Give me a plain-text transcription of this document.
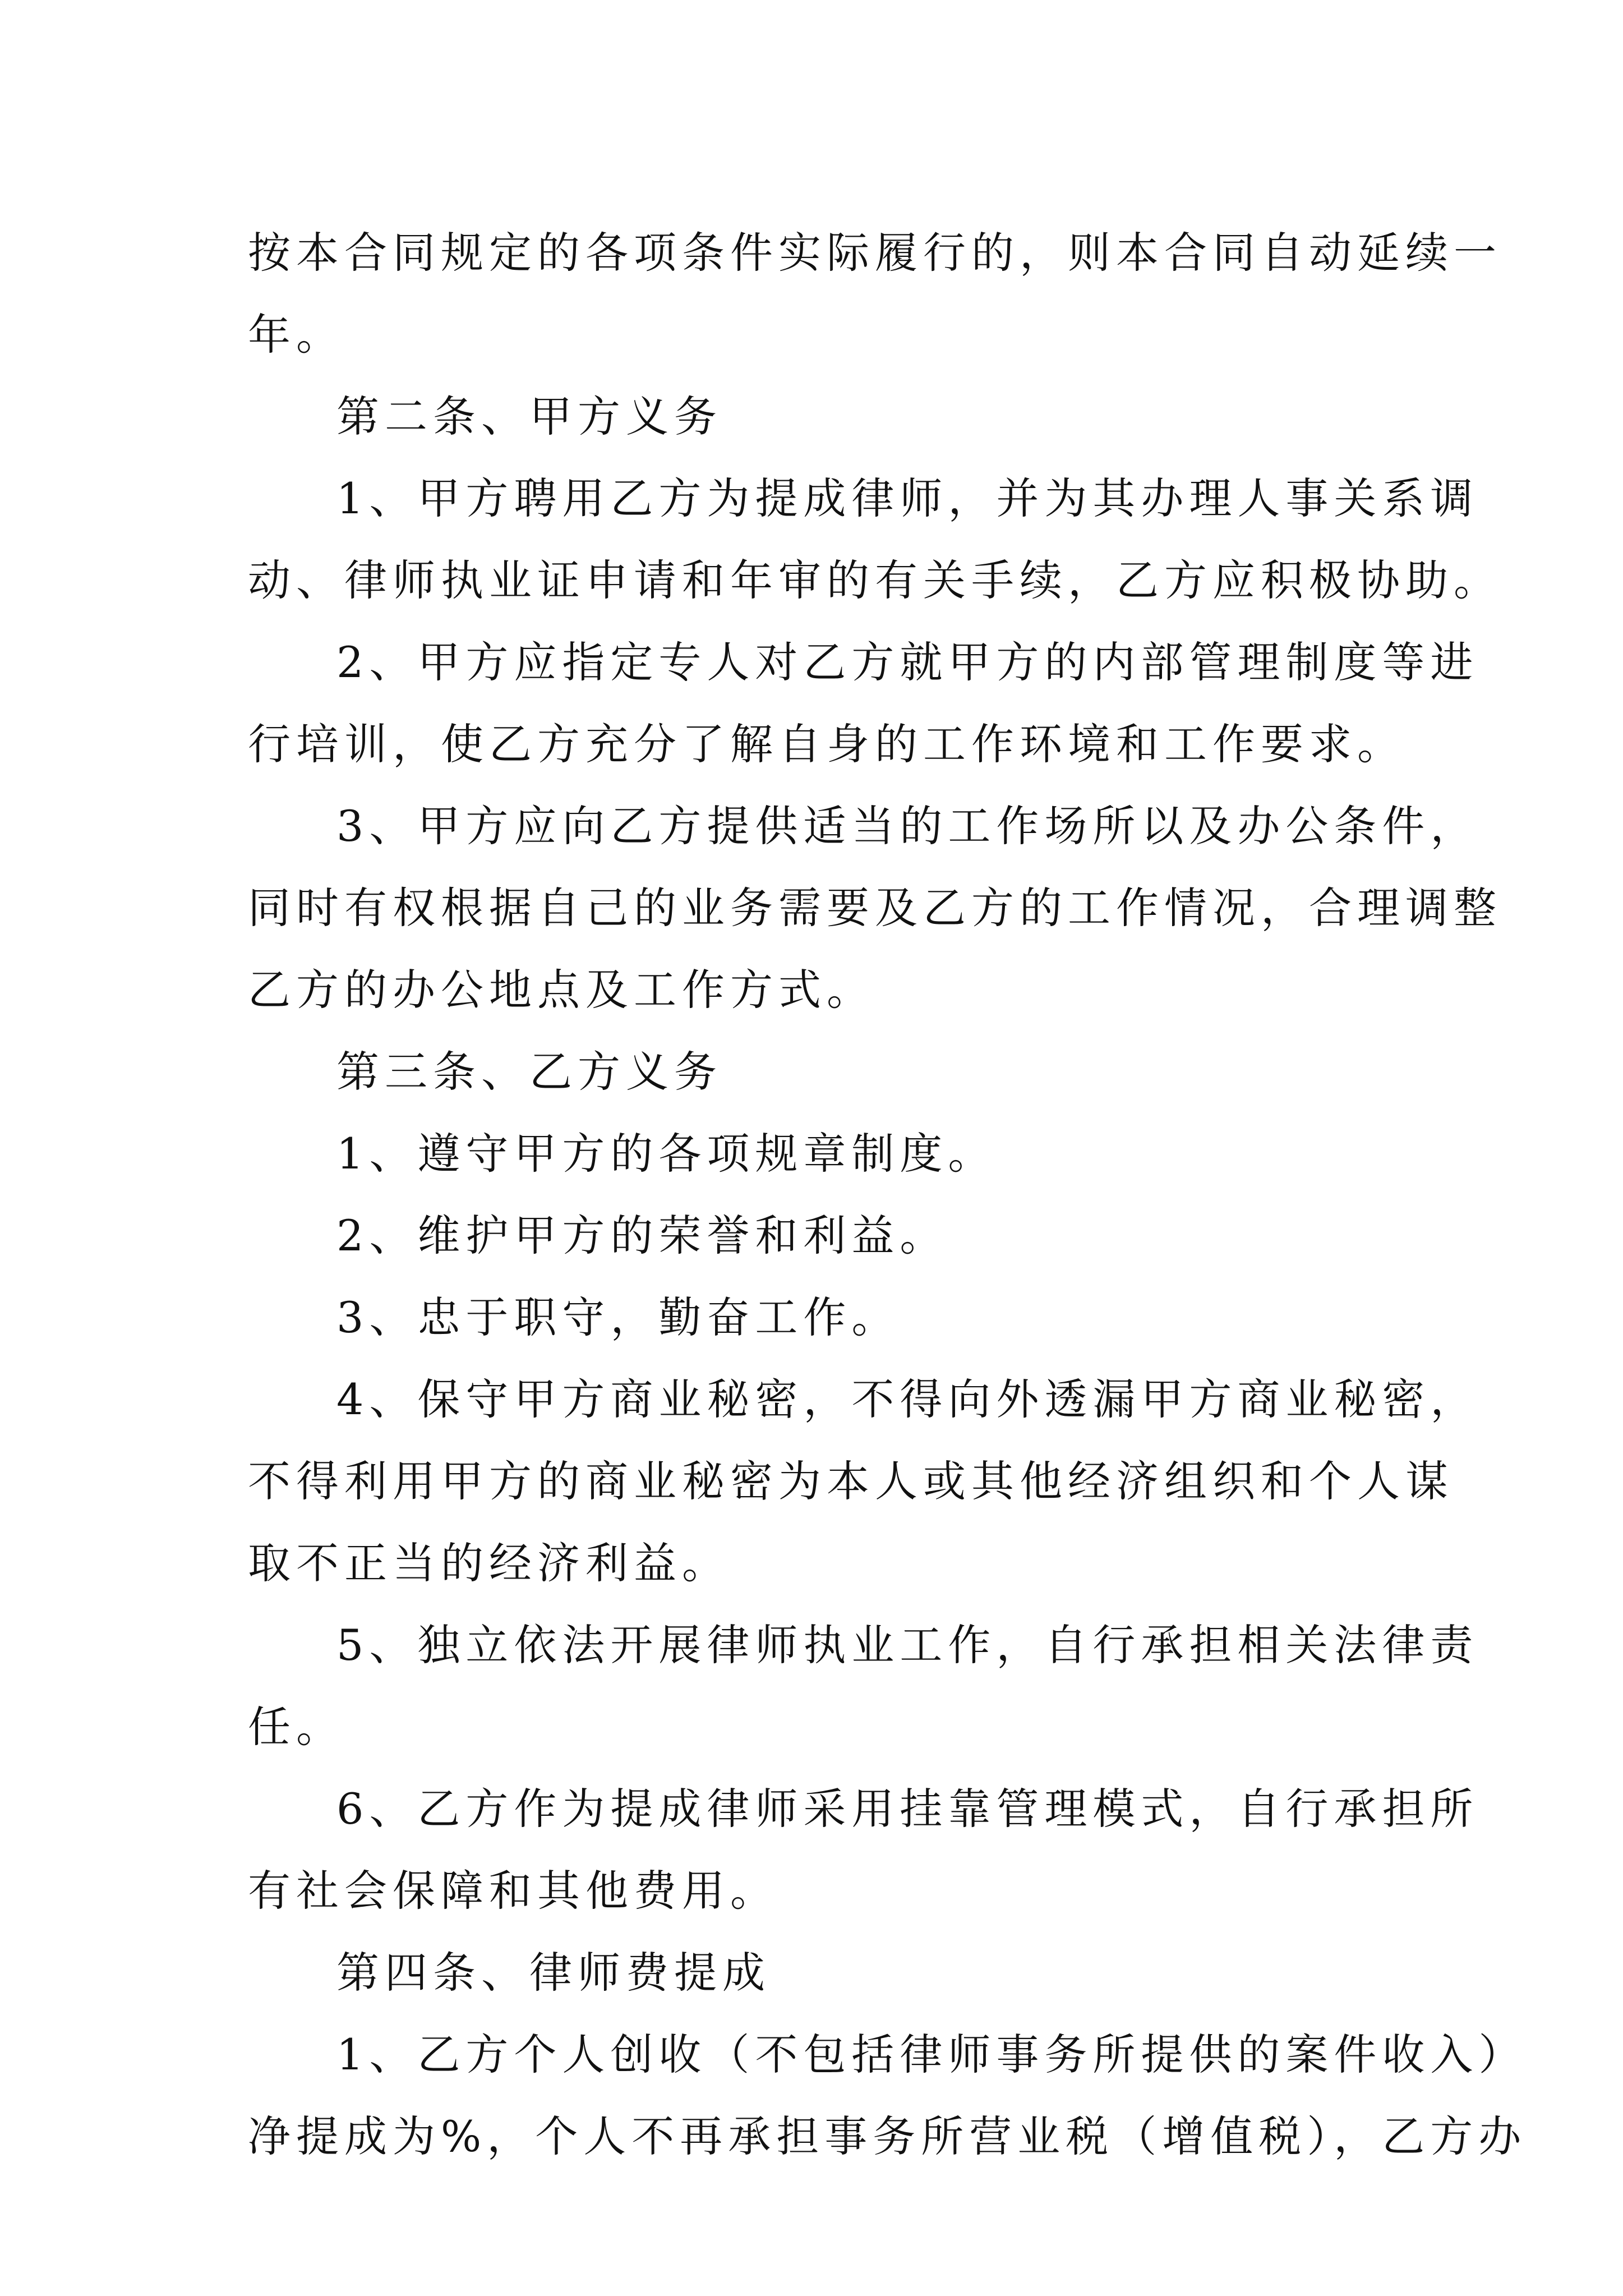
按本合同规定的各项条件实际履行的，则本合同自动延续一
年。
第二条、甲方义务
1、甲方聘用乙方为提成律师，并为其办理人事关系调
动、律师执业证申请和年审的有关手续，乙方应积极协助。
2、甲方应指定专人对乙方就甲方的内部管理制度等进
行培训，使乙方充分了解自身的工作环境和工作要求。
3、甲方应向乙方提供适当的工作场所以及办公条件，
同时有权根据自己的业务需要及乙方的工作情况，合理调整
乙方的办公地点及工作方式。
第三条、乙方义务
1、遵守甲方的各项规章制度。
2、维护甲方的荣誉和利益。
3、忠于职守，勤奋工作。
4、保守甲方商业秘密，不得向外透漏甲方商业秘密，
不得利用甲方的商业秘密为本人或其他经济组织和个人谋
取不正当的经济利益。
5、独立依法开展律师执业工作，自行承担相关法律责
任。
6、乙方作为提成律师采用挂靠管理模式，自行承担所
有社会保障和其他费用。
第四条、律师费提成
1、乙方个人创收（不包括律师事务所提供的案件收入）
净提成为%，个人不再承担事务所营业税（增值税），乙方办
